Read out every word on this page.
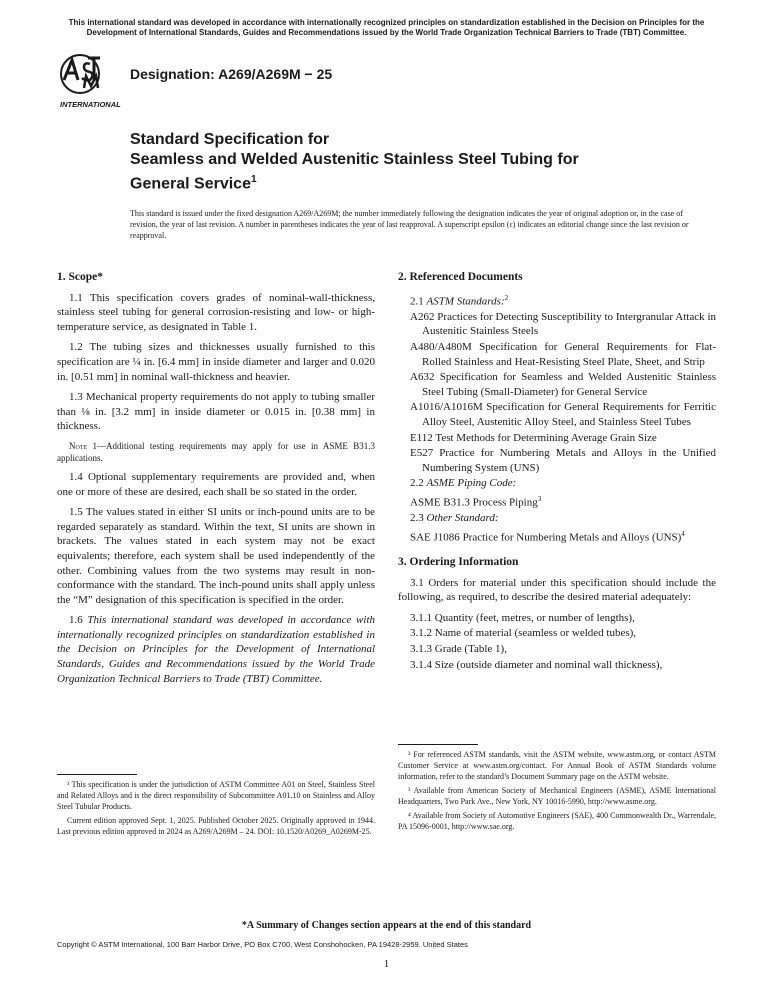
This international standard was developed in accordance with internationally recognized principles on standardization established in the Decision on Principles for the Development of International Standards, Guides and Recommendations issued by the World Trade Organization Technical Barriers to Trade (TBT) Committee.
INTERNATIONAL
Designation: A269/A269M − 25
Standard Specification for
Seamless and Welded Austenitic Stainless Steel Tubing for
General Service$^1$
This standard is issued under the fixed designation A269/A269M; the number immediately following the designation indicates the year of original adoption or, in the case of revision, the year of last revision. A number in parentheses indicates the year of last reapproval. A superscript epsilon (ε) indicates an editorial change since the last revision or reapproval.
1. Scope*

1.1 This specification covers grades of nominal-wall-thickness, stainless steel tubing for general corrosion-resisting and low- or high-temperature service, as designated in Table 1.

1.2 The tubing sizes and thicknesses usually furnished to this specification are ¼ in. [6.4 mm] in inside diameter and larger and 0.020 in. [0.51 mm] in nominal wall-thickness and heavier.

1.3 Mechanical property requirements do not apply to tubing smaller than ⅛ in. [3.2 mm] in inside diameter or 0.015 in. [0.38 mm] in thickness.

Note 1—Additional testing requirements may apply for use in ASME B31.3 applications.

1.4 Optional supplementary requirements are provided and, when one or more of these are desired, each shall be so stated in the order.

1.5 The values stated in either SI units or inch-pound units are to be regarded separately as standard. Within the text, SI units are shown in brackets. The values stated in each system may not be exact equivalents; therefore, each system shall be used independently of the other. Combining values from the two systems may result in non-conformance with the standard. The inch-pound units shall apply unless the “M” designation of this specification is specified in the order.

1.6 This international standard was developed in accordance with internationally recognized principles on standardization established in the Decision on Principles for the Development of International Standards, Guides and Recommendations issued by the World Trade Organization Technical Barriers to Trade (TBT) Committee.

¹ This specification is under the jurisdiction of ASTM Committee A01 on Steel, Stainless Steel and Related Alloys and is the direct responsibility of Subcommittee A01.10 on Stainless and Alloy Steel Tubular Products.

Current edition approved Sept. 1, 2025. Published October 2025. Originally approved in 1944. Last previous edition approved in 2024 as A269/A269M – 24. DOI: 10.1520/A0269_A0269M-25.

2. Referenced Documents
2.1 ASTM Standards:$^2$
A262 Practices for Detecting Susceptibility to Intergranular Attack in Austenitic Stainless Steels
A480/A480M Specification for General Requirements for Flat-Rolled Stainless and Heat-Resisting Steel Plate, Sheet, and Strip
A632 Specification for Seamless and Welded Austenitic Stainless Steel Tubing (Small-Diameter) for General Service
A1016/A1016M Specification for General Requirements for Ferritic Alloy Steel, Austenitic Alloy Steel, and Stainless Steel Tubes
E112 Test Methods for Determining Average Grain Size
E527 Practice for Numbering Metals and Alloys in the Unified Numbering System (UNS)
2.2 ASME Piping Code:
ASME B31.3 Process Piping$^3$
2.3 Other Standard:
SAE J1086 Practice for Numbering Metals and Alloys (UNS)$^4$
3. Ordering Information

3.1 Orders for material under this specification should include the following, as required, to describe the desired material adequately:

3.1.1 Quantity (feet, metres, or number of lengths),
3.1.2 Name of material (seamless or welded tubes),
3.1.3 Grade (Table 1),
3.1.4 Size (outside diameter and nominal wall thickness),

² For referenced ASTM standards, visit the ASTM website, www.astm.org, or contact ASTM Customer Service at www.astm.org/contact. For Annual Book of ASTM Standards volume information, refer to the standard’s Document Summary page on the ASTM website.

³ Available from American Society of Mechanical Engineers (ASME), ASME International Headquarters, Two Park Ave., New York, NY 10016-5990, http://www.asme.org.

⁴ Available from Society of Automotive Engineers (SAE), 400 Commonwealth Dr., Warrendale, PA 15096-0001, http://www.sae.org.

*A Summary of Changes section appears at the end of this standard
Copyright © ASTM International, 100 Barr Harbor Drive, PO Box C700, West Conshohocken, PA 19428-2959. United States
1
